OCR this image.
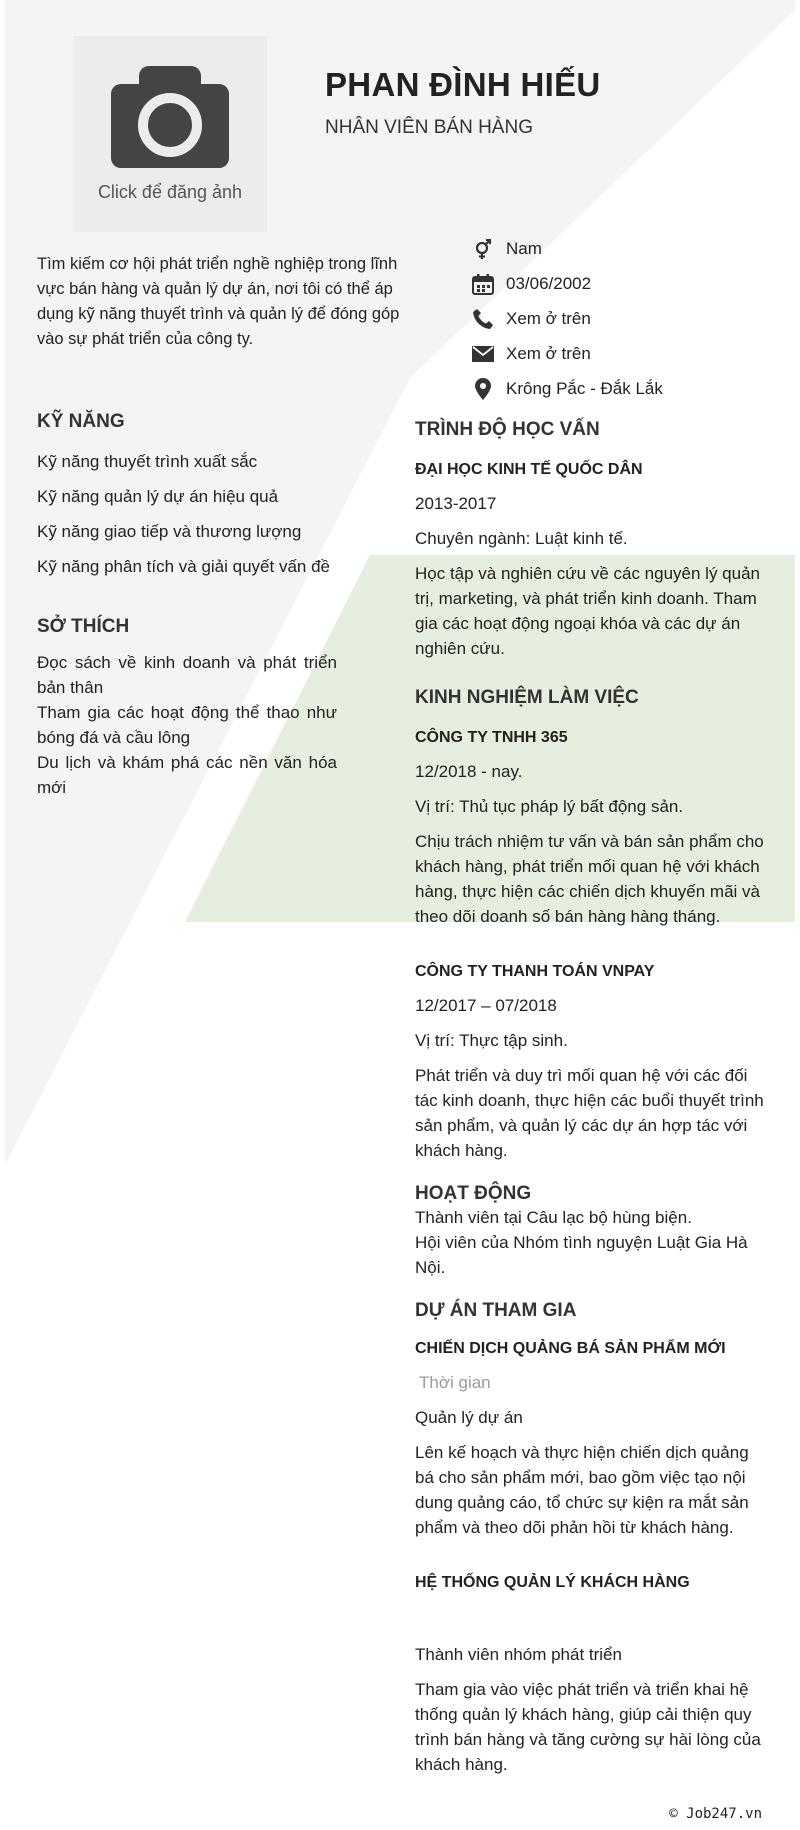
Click để đăng ảnh
PHAN ĐÌNH HIẾU
NHÂN VIÊN BÁN HÀNG
Tìm kiếm cơ hội phát triển nghề nghiệp trong lĩnh vực bán hàng và quản lý dự án, nơi tôi có thể áp dụng kỹ năng thuyết trình và quản lý để đóng góp vào sự phát triển của công ty.
Nam
03/06/2002
Xem ở trên
Xem ở trên
Krông Pắc - Đắk Lắk
KỸ NĂNG
Kỹ năng thuyết trình xuất sắc
Kỹ năng quản lý dự án hiệu quả
Kỹ năng giao tiếp và thương lượng
Kỹ năng phân tích và giải quyết vấn đề
SỞ THÍCH
Đọc sách về kinh doanh và phát triển bản thân
Tham gia các hoạt động thể thao như bóng đá và cầu lông
Du lịch và khám phá các nền văn hóa mới
TRÌNH ĐỘ HỌC VẤN
ĐẠI HỌC KINH TẾ QUỐC DÂN
2013-2017
Chuyên ngành: Luật kinh tế.
Học tập và nghiên cứu về các nguyên lý quản trị, marketing, và phát triển kinh doanh. Tham gia các hoạt động ngoại khóa và các dự án nghiên cứu.
KINH NGHIỆM LÀM VIỆC
CÔNG TY TNHH 365
12/2018 - nay.
Vị trí: Thủ tục pháp lý bất động sản.
Chịu trách nhiệm tư vấn và bán sản phẩm cho khách hàng, phát triển mối quan hệ với khách hàng, thực hiện các chiến dịch khuyến mãi và theo dõi doanh số bán hàng hàng tháng.
CÔNG TY THANH TOÁN VNPAY
12/2017 – 07/2018
Vị trí: Thực tập sinh.
Phát triển và duy trì mối quan hệ với các đối tác kinh doanh, thực hiện các buổi thuyết trình sản phẩm, và quản lý các dự án hợp tác với khách hàng.
HOẠT ĐỘNG
Thành viên tại Câu lạc bộ hùng biện.
Hội viên của Nhóm tình nguyện Luật Gia Hà Nội.
DỰ ÁN THAM GIA
CHIẾN DỊCH QUẢNG BÁ SẢN PHẨM MỚI
Thời gian
Quản lý dự án
Lên kế hoạch và thực hiện chiến dịch quảng bá cho sản phẩm mới, bao gồm việc tạo nội dung quảng cáo, tổ chức sự kiện ra mắt sản phẩm và theo dõi phản hồi từ khách hàng.
HỆ THỐNG QUẢN LÝ KHÁCH HÀNG
Thành viên nhóm phát triển
Tham gia vào việc phát triển và triển khai hệ thống quản lý khách hàng, giúp cải thiện quy trình bán hàng và tăng cường sự hài lòng của khách hàng.
© Job247.vn
